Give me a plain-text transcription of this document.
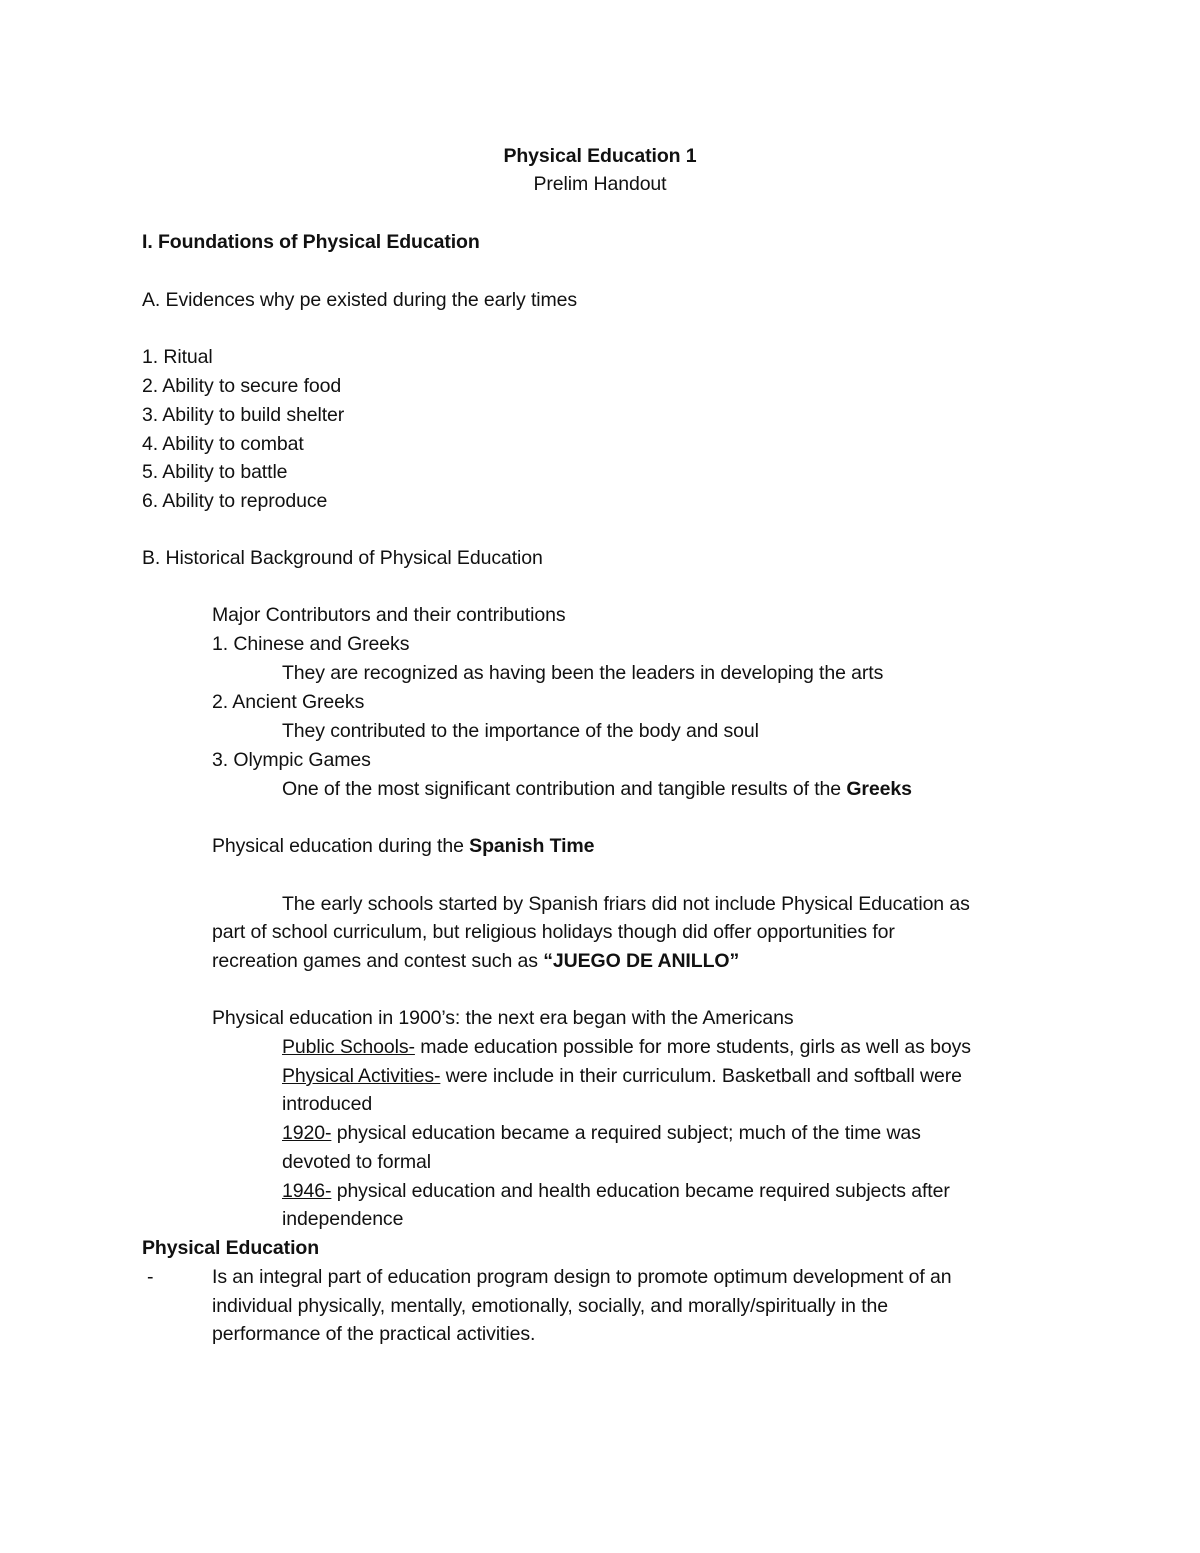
Physical Education 1
Prelim Handout
I. Foundations of Physical Education
A. Evidences why pe existed during the early times
1. Ritual
2. Ability to secure food
3. Ability to build shelter
4. Ability to combat
5. Ability to battle
6. Ability to reproduce
B. Historical Background of Physical Education
Major Contributors and their contributions
1. Chinese and Greeks
They are recognized as having been the leaders in developing the arts
2. Ancient Greeks
They contributed to the importance of the body and soul
3. Olympic Games
One of the most significant contribution and tangible results of the Greeks
Physical education during the Spanish Time
The early schools started by Spanish friars did not include Physical Education as
part of school curriculum, but religious holidays though did offer opportunities for
recreation games and contest such as “JUEGO DE ANILLO”
Physical education in 1900’s: the next era began with the Americans
Public Schools- made education possible for more students, girls as well as boys
Physical Activities- were include in their curriculum. Basketball and softball were
introduced
1920- physical education became a required subject; much of the time was
devoted to formal
1946- physical education and health education became required subjects after
independence
Physical Education
-	Is an integral part of education program design to promote optimum development of an
individual physically, mentally, emotionally, socially, and morally/spiritually in the
performance of the practical activities.
